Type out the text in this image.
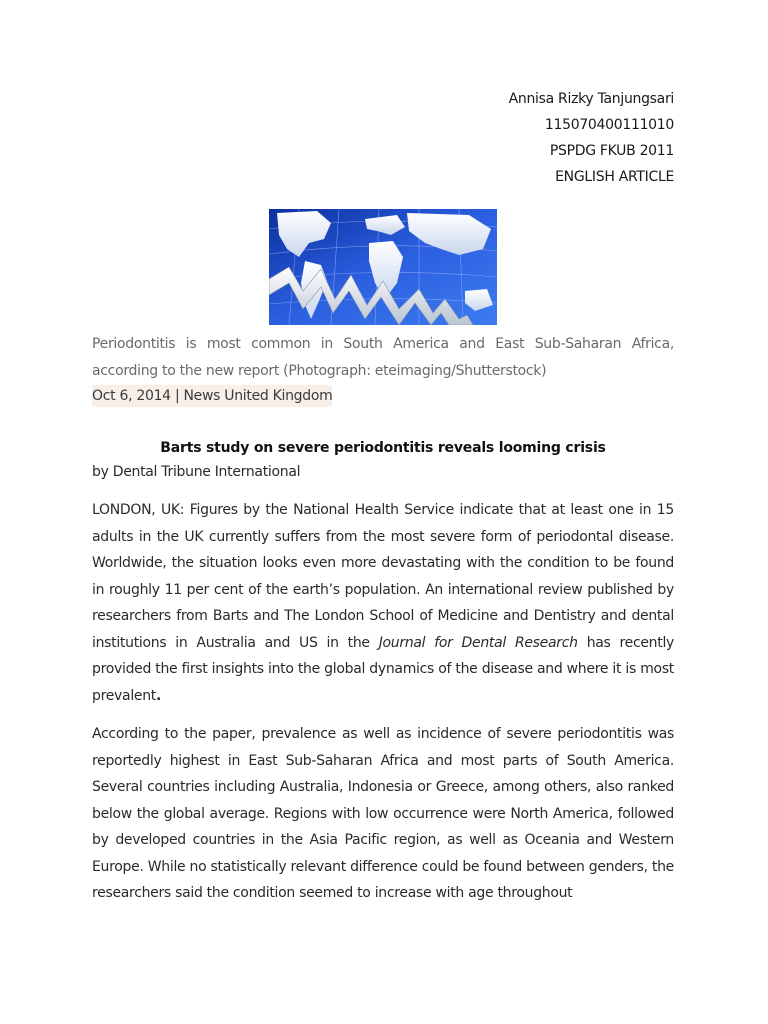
Annisa Rizky Tanjungsari
115070400111010
PSPDG FKUB 2011
ENGLISH ARTICLE
Periodontitis is most common in South America and East Sub-Saharan Africa, according to the new report (Photograph: eteimaging/Shutterstock)
Oct 6, 2014 | News United Kingdom
Barts study on severe periodontitis reveals looming crisis
by Dental Tribune International

LONDON, UK: Figures by the National Health Service indicate that at least one in 15 adults in the UK currently suffers from the most severe form of periodontal disease. Worldwide, the situation looks even more devastating with the condition to be found in roughly 11 per cent of the earth’s population. An international review published by researchers from Barts and The London School of Medicine and Dentistry and dental institutions in Australia and US in the Journal for Dental Research has recently provided the first insights into the global dynamics of the disease and where it is most prevalent.

According to the paper, prevalence as well as incidence of severe periodontitis was reportedly highest in East Sub-Saharan Africa and most parts of South America. Several countries including Australia, Indonesia or Greece, among others, also ranked below the global average. Regions with low occurrence were North America, followed by developed countries in the Asia Pacific region, as well as Oceania and Western Europe. While no statistically relevant difference could be found between genders, the researchers said the condition seemed to increase with age throughout
